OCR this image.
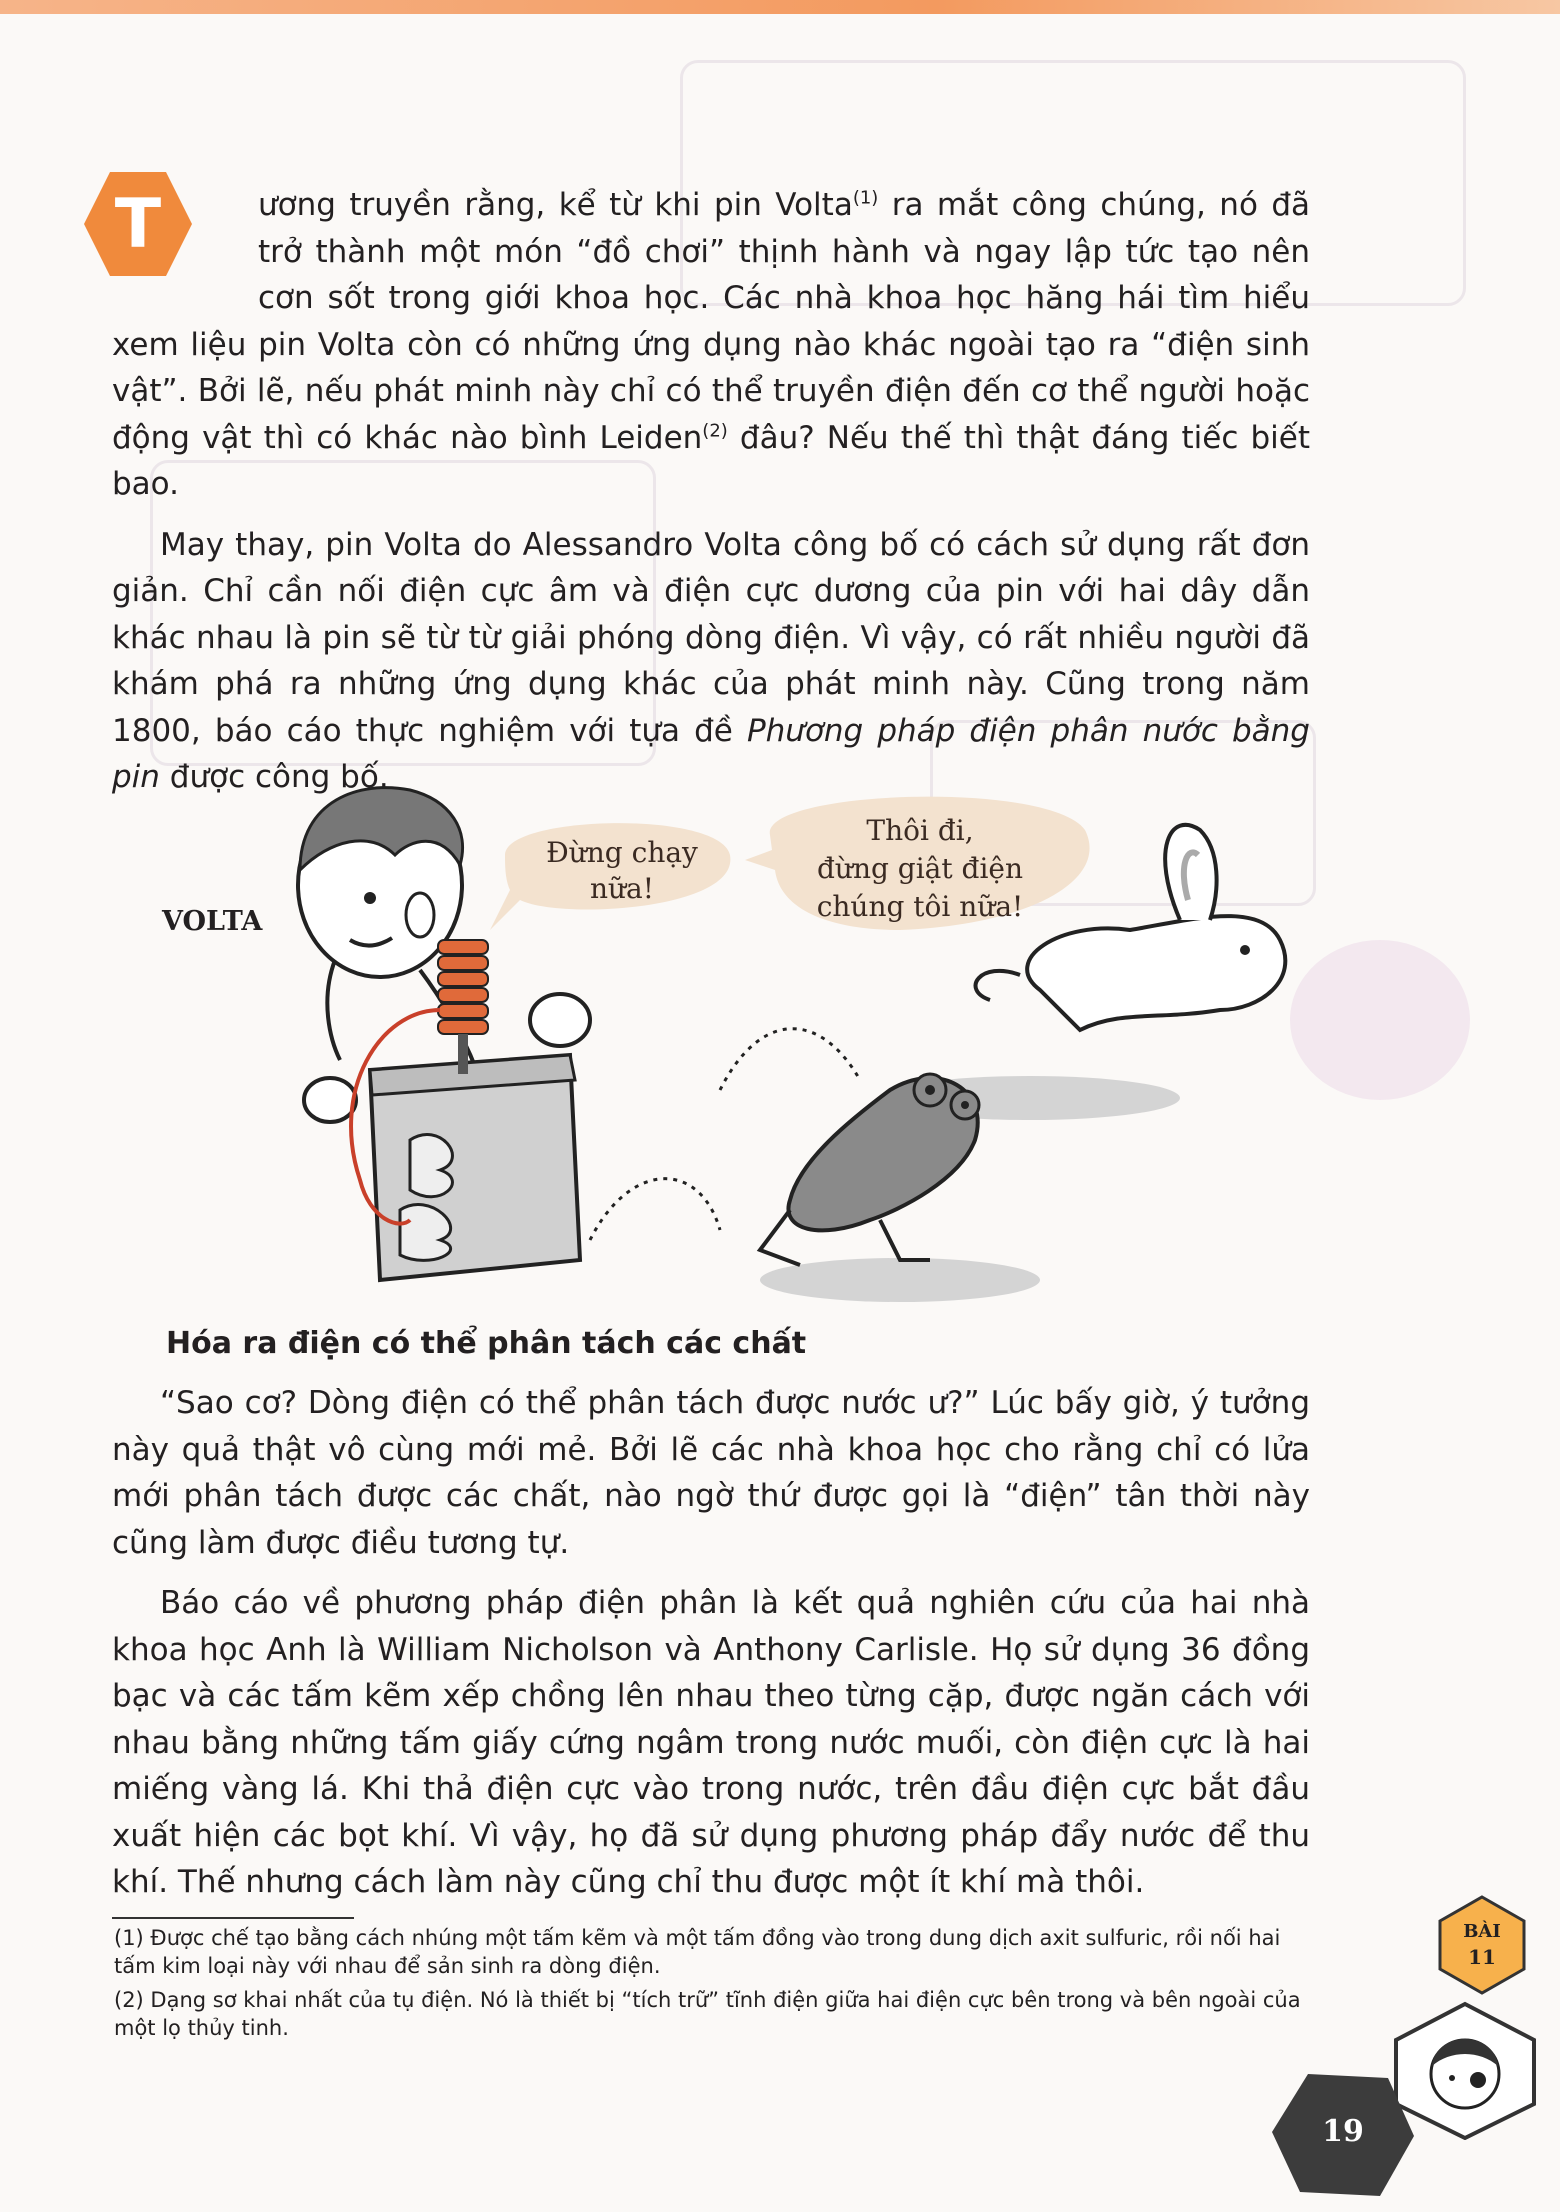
T	ương truyền rằng, kể từ khi pin Volta$^{(1)}$ ra mắt công chúng, nó đã trở thành một món “đồ chơi” thịnh hành và ngay lập tức tạo nên cơn sốt trong giới khoa học. Các nhà khoa học hăng hái tìm hiểu xem liệu pin Volta còn có những ứng dụng nào khác ngoài tạo ra “điện sinh vật”. Bởi lẽ, nếu phát minh này chỉ có thể truyền điện đến cơ thể người hoặc động vật thì có khác nào bình Leiden$^{(2)}$ đâu? Nếu thế thì thật đáng tiếc biết bao.

May thay, pin Volta do Alessandro Volta công bố có cách sử dụng rất đơn giản. Chỉ cần nối điện cực âm và điện cực dương của pin với hai dây dẫn khác nhau là pin sẽ từ từ giải phóng dòng điện. Vì vậy, có rất nhiều người đã khám phá ra những ứng dụng khác của phát minh này. Cũng trong năm 1800, báo cáo thực nghiệm với tựa đề Phương pháp điện phân nước bằng pin được công bố.

VOLTA
Đừng chạy
nữa!
Thôi đi,
đừng giật điện
chúng tôi nữa!
Hóa ra điện có thể phân tách các chất

“Sao cơ? Dòng điện có thể phân tách được nước ư?” Lúc bấy giờ, ý tưởng này quả thật vô cùng mới mẻ. Bởi lẽ các nhà khoa học cho rằng chỉ có lửa mới phân tách được các chất, nào ngờ thứ được gọi là “điện” tân thời này cũng làm được điều tương tự.

Báo cáo về phương pháp điện phân là kết quả nghiên cứu của hai nhà khoa học Anh là William Nicholson và Anthony Carlisle. Họ sử dụng 36 đồng bạc và các tấm kẽm xếp chồng lên nhau theo từng cặp, được ngăn cách với nhau bằng những tấm giấy cứng ngâm trong nước muối, còn điện cực là hai miếng vàng lá. Khi thả điện cực vào trong nước, trên đầu điện cực bắt đầu xuất hiện các bọt khí. Vì vậy, họ đã sử dụng phương pháp đẩy nước để thu khí. Thế nhưng cách làm này cũng chỉ thu được một ít khí mà thôi.

(1) Được chế tạo bằng cách nhúng một tấm kẽm và một tấm đồng vào trong dung dịch axit sulfuric, rồi nối hai tấm kim loại này với nhau để sản sinh ra dòng điện.

(2) Dạng sơ khai nhất của tụ điện. Nó là thiết bị “tích trữ” tĩnh điện giữa hai điện cực bên trong và bên ngoài của một lọ thủy tinh.

BÀI
11
19
